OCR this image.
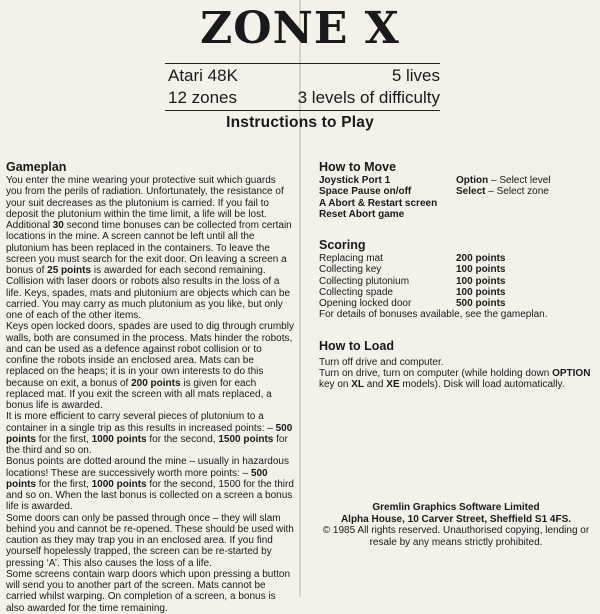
ZONE X
Atari 48K	5 lives
12 zones	3 levels of difficulty
Instructions to Play
Gameplan

You enter the mine wearing your protective suit which guards you from the perils of radiation. Unfortunately, the resistance of your suit decreases as the plutonium is carried. If you fail to deposit the plutonium within the time limit, a life will be lost. Additional 30 second time bonuses can be collected from certain locations in the mine. A screen cannot be left until all the plutonium has been replaced in the containers. To leave the screen you must search for the exit door. On leaving a screen a bonus of 25 points is awarded for each second remaining.

Collision with laser doors or robots also results in the loss of a life. Keys, spades, mats and plutonium are objects which can be carried. You may carry as much plutonium as you like, but only one of each of the other items.

Keys open locked doors, spades are used to dig through crumbly walls, both are consumed in the process. Mats hinder the robots, and can be used as a defence against robot collision or to confine the robots inside an enclosed area. Mats can be replaced on the heaps; it is in your own interests to do this because on exit, a bonus of 200 points is given for each replaced mat. If you exit the screen with all mats replaced, a bonus life is awarded.

It is more efficient to carry several pieces of plutonium to a container in a single trip as this results in increased points: – 500 points for the first, 1000 points for the second, 1500 points for the third and so on.

Bonus points are dotted around the mine – usually in hazardous locations! These are successively worth more points: – 500 points for the first, 1000 points for the second, 1500 for the third and so on. When the last bonus is collected on a screen a bonus life is awarded.

Some doors can only be passed through once – they will slam behind you and cannot be re-opened. These should be used with caution as they may trap you in an enclosed area. If you find yourself hopelessly trapped, the screen can be re-started by pressing ‘A’. This also causes the loss of a life.

Some screens contain warp doors which upon pressing a button will send you to another part of the screen. Mats cannot be carried whilst warping. On completion of a screen, a bonus is also awarded for the time remaining.

How to Move
Joystick Port 1	Option – Select level
Space Pause on/off	Select – Select zone
A Abort & Restart screen
Reset Abort game
Scoring
Replacing mat	200 points
Collecting key	100 points
Collecting plutonium	100 points
Collecting spade	100 points
Opening locked door	500 points
For details of bonuses available, see the gameplan.
How to Load

Turn off drive and computer.

Turn on drive, turn on computer (while holding down OPTION key on XL and XE models). Disk will load automatically.

Gremlin Graphics Software Limited
Alpha House, 10 Carver Street, Sheffield S1 4FS.
© 1985 All rights reserved. Unauthorised copying, lending or resale by any means strictly prohibited.
